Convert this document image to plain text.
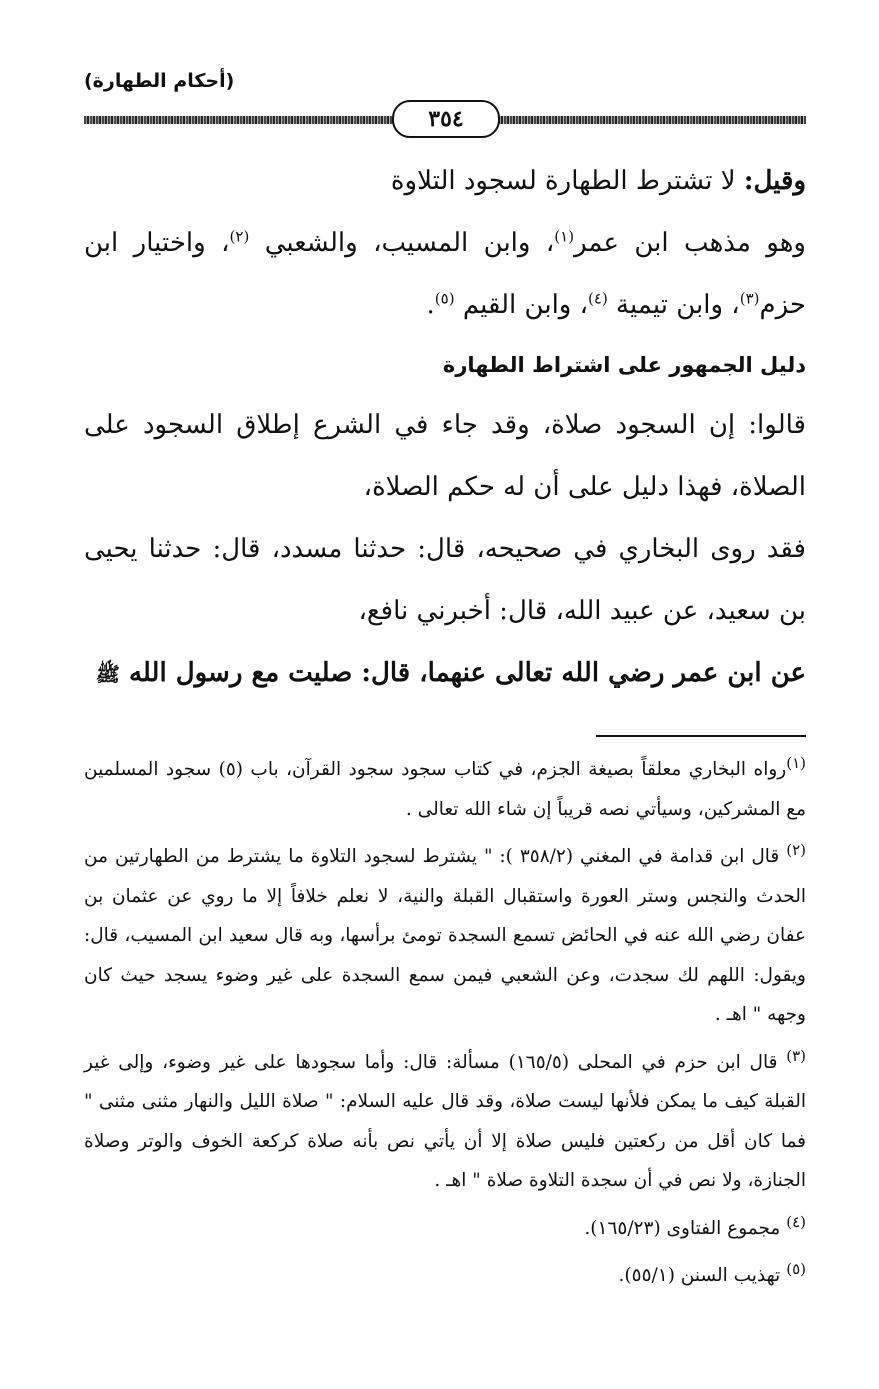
(أحكام الطهارة)
٣٥٤

وقيل: لا تشترط الطهارة لسجود التلاوة

وهو مذهب ابن عمر$^{(١)}$، وابن المسيب، والشعبي $^{(٢)}$، واختيار ابن حزم$^{(٣)}$، وابن تيمية $^{(٤)}$، وابن القيم $^{(٥)}$.

دليل الجمهور على اشتراط الطهارة

قالوا: إن السجود صلاة، وقد جاء في الشرع إطلاق السجود على الصلاة، فهذا دليل على أن له حكم الصلاة،

فقد روى البخاري في صحيحه، قال: حدثنا مسدد، قال: حدثنا يحيى بن سعيد، عن عبيد الله، قال: أخبرني نافع،

عن ابن عمر رضي الله تعالى عنهما، قال: صليت مع رسول الله ﷺ

$^{(١)}$رواه البخاري معلقاً بصيغة الجزم، في كتاب سجود سجود القرآن، باب (٥) سجود المسلمين مع المشركين، وسيأتي نصه قريباً إن شاء الله تعالى .

$^{(٢)}$ قال ابن قدامة في المغني (٣٥٨/٢ ): " يشترط لسجود التلاوة ما يشترط من الطهارتين من الحدث والنجس وستر العورة واستقبال القبلة والنية، لا نعلم خلافاً إلا ما روي عن عثمان بن عفان رضي الله عنه في الحائض تسمع السجدة تومئ برأسها، وبه قال سعيد ابن المسيب، قال: ويقول: اللهم لك سجدت، وعن الشعبي فيمن سمع السجدة على غير وضوء يسجد حيث كان وجهه " اهـ .

$^{(٣)}$ قال ابن حزم في المحلى (١٦٥/٥) مسألة: قال: وأما سجودها على غير وضوء، وإلى غير القبلة كيف ما يمكن فلأنها ليست صلاة، وقد قال عليه السلام: " صلاة الليل والنهار مثنى مثنى " فما كان أقل من ركعتين فليس صلاة إلا أن يأتي نص بأنه صلاة كركعة الخوف والوتر وصلاة الجنازة، ولا نص في أن سجدة التلاوة صلاة " اهـ .

$^{(٤)}$ مجموع الفتاوى (١٦٥/٢٣).

$^{(٥)}$ تهذيب السنن (٥٥/١).
